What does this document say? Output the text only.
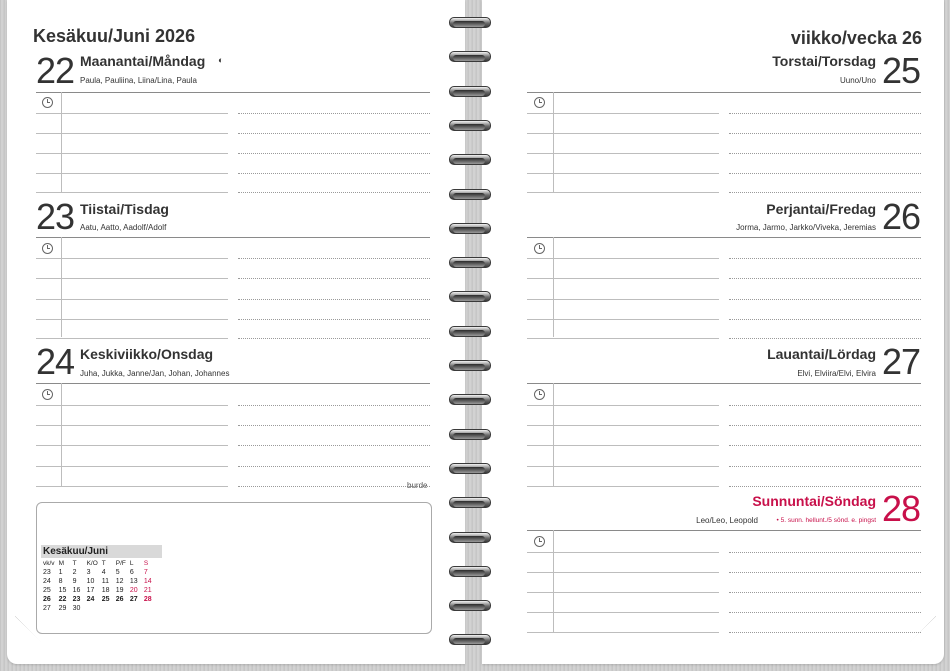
Kesäkuu/Juni 2026	viikko/vecka 26
22 Maanantai/Måndag ◐
Paula, Pauliina, Liina/Lina, Paula
23 Tiistai/Tisdag
Aatu, Aatto, Aadolf/Adolf
24 Keskiviikko/Onsdag
Juha, Jukka, Janne/Jan, Johan, Johannes
burde
Kesäkuu/Juni
vk/v	M	T	K/O	T	P/F	L	S
23	1	2	3	4	5	6	7
24	8	9	10	11	12	13	14
25	15	16	17	18	19	20	21
26	22	23	24	25	26	27	28
27	29	30					
25
Torstai/Torsdag
Uuno/Uno
26
Perjantai/Fredag
Jorma, Jarmo, Jarkko/Viveka, Jeremias
27
Lauantai/Lördag
Elvi, Elviira/Elvi, Elvira
28
Sunnuntai/Söndag
Leo/Leo, Leopold	• 5. sunn. hellunt./5 sönd. e. pingst
